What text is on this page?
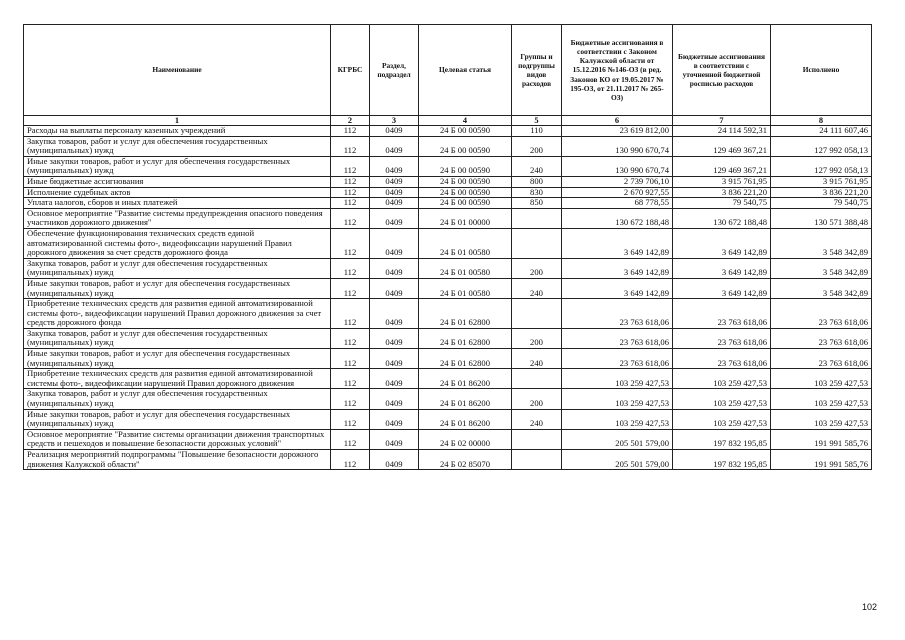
Наименование	КГРБС	Раздел, подраздел	Целевая статья	Группы и подгруппы видов расходов	Бюджетные ассигнования в соответствии с Законом Калужской области от 15.12.2016 №146-ОЗ (в ред. Законов КО от 19.05.2017 № 195-ОЗ, от 21.11.2017 № 265-ОЗ)	Бюджетные ассигнования в соответствии с уточненной бюджетной росписью расходов	Исполнено
1	2	3	4	5	6	7	8
Расходы на выплаты персоналу казенных учреждений	112	0409	24 Б 00 00590	110	23 619 812,00	24 114 592,31	24 111 607,46
Закупка товаров, работ и услуг для обеспечения государственных (муниципальных) нужд	112	0409	24 Б 00 00590	200	130 990 670,74	129 469 367,21	127 992 058,13
Иные закупки товаров, работ и услуг для обеспечения государственных (муниципальных) нужд	112	0409	24 Б 00 00590	240	130 990 670,74	129 469 367,21	127 992 058,13
Иные бюджетные ассигнования	112	0409	24 Б 00 00590	800	2 739 706,10	3 915 761,95	3 915 761,95
Исполнение судебных актов	112	0409	24 Б 00 00590	830	2 670 927,55	3 836 221,20	3 836 221,20
Уплата налогов, сборов и иных платежей	112	0409	24 Б 00 00590	850	68 778,55	79 540,75	79 540,75
Основное мероприятие "Развитие системы предупреждения опасного поведения участников дорожного движения"	112	0409	24 Б 01 00000		130 672 188,48	130 672 188,48	130 571 388,48
Обеспечение функционирования технических средств единой автоматизированной системы фото-, видеофиксации нарушений Правил дорожного движения за счет средств дорожного фонда	112	0409	24 Б 01 00580		3 649 142,89	3 649 142,89	3 548 342,89
Закупка товаров, работ и услуг для обеспечения государственных (муниципальных) нужд	112	0409	24 Б 01 00580	200	3 649 142,89	3 649 142,89	3 548 342,89
Иные закупки товаров, работ и услуг для обеспечения государственных (муниципальных) нужд	112	0409	24 Б 01 00580	240	3 649 142,89	3 649 142,89	3 548 342,89
Приобретение технических средств для развития единой автоматизированной системы фото-, видеофиксации нарушений Правил дорожного движения за счет средств дорожного фонда	112	0409	24 Б 01 62800		23 763 618,06	23 763 618,06	23 763 618,06
Закупка товаров, работ и услуг для обеспечения государственных (муниципальных) нужд	112	0409	24 Б 01 62800	200	23 763 618,06	23 763 618,06	23 763 618,06
Иные закупки товаров, работ и услуг для обеспечения государственных (муниципальных) нужд	112	0409	24 Б 01 62800	240	23 763 618,06	23 763 618,06	23 763 618,06
Приобретение технических средств для развития единой автоматизированной системы фото-, видеофиксации нарушений Правил дорожного движения	112	0409	24 Б 01 86200		103 259 427,53	103 259 427,53	103 259 427,53
Закупка товаров, работ и услуг для обеспечения государственных (муниципальных) нужд	112	0409	24 Б 01 86200	200	103 259 427,53	103 259 427,53	103 259 427,53
Иные закупки товаров, работ и услуг для обеспечения государственных (муниципальных) нужд	112	0409	24 Б 01 86200	240	103 259 427,53	103 259 427,53	103 259 427,53
Основное мероприятие "Развитие системы организации движения транспортных средств и пешеходов и повышение безопасности дорожных условий"	112	0409	24 Б 02 00000		205 501 579,00	197 832 195,85	191 991 585,76
Реализация мероприятий подпрограммы "Повышение безопасности дорожного движения Калужской области"	112	0409	24 Б 02 85070		205 501 579,00	197 832 195,85	191 991 585,76
102
